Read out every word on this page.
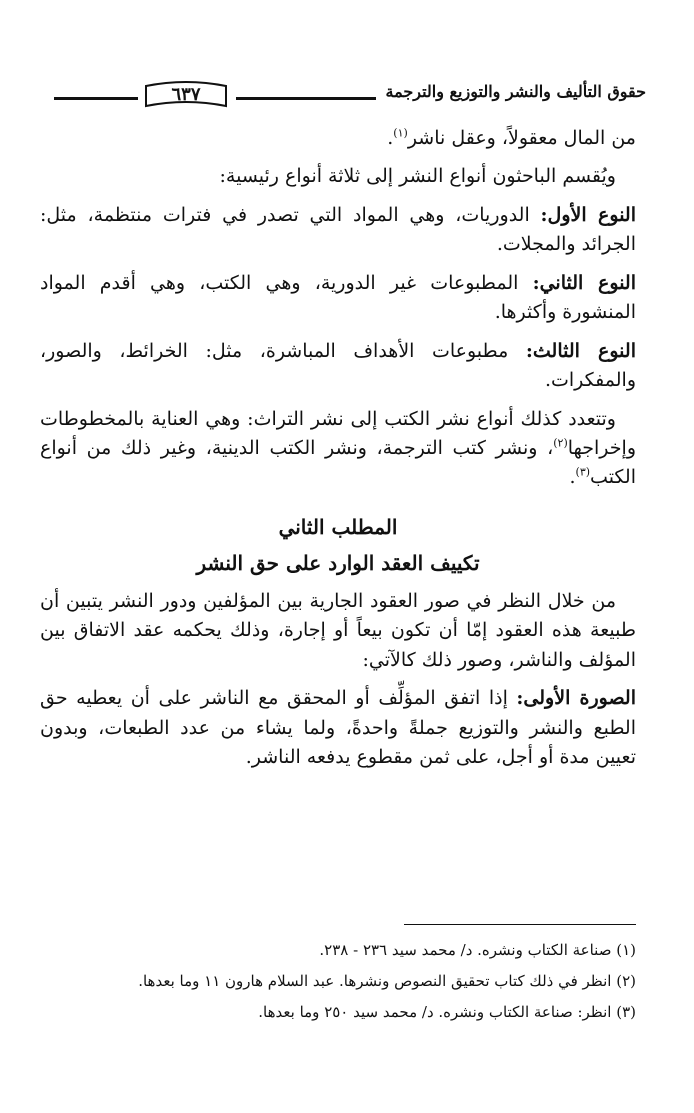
٦٣٧	حقوق التأليف والنشر والتوزيع والترجمة

من المال معقولاً، وعقل ناشر$^{(١)}$.

ويُقسم الباحثون أنواع النشر إلى ثلاثة أنواع رئيسية:

النوع الأول: الدوريات، وهي المواد التي تصدر في فترات منتظمة، مثل: الجرائد والمجلات.

النوع الثاني: المطبوعات غير الدورية، وهي الكتب، وهي أقدم المواد المنشورة وأكثرها.

النوع الثالث: مطبوعات الأهداف المباشرة، مثل: الخرائط، والصور، والمفكرات.

وتتعدد كذلك أنواع نشر الكتب إلى نشر التراث: وهي العناية بالمخطوطات وإخراجها$^{(٢)}$، ونشر كتب الترجمة، ونشر الكتب الدينية، وغير ذلك من أنواع الكتب$^{(٣)}$.

المطلب الثاني

تكييف العقد الوارد على حق النشر

من خلال النظر في صور العقود الجارية بين المؤلفين ودور النشر يتبين أن طبيعة هذه العقود إمّا أن تكون بيعاً أو إجارة، وذلك يحكمه عقد الاتفاق بين المؤلف والناشر، وصور ذلك كالآتي:

الصورة الأولى: إذا اتفق المؤلِّف أو المحقق مع الناشر على أن يعطيه حق الطبع والنشر والتوزيع جملةً واحدةً، ولما يشاء من عدد الطبعات، وبدون تعيين مدة أو أجل، على ثمن مقطوع يدفعه الناشر.

(١) صناعة الكتاب ونشره. د/ محمد سيد ٢٣٦ - ٢٣٨.

(٢) انظر في ذلك كتاب تحقيق النصوص ونشرها. عبد السلام هارون ١١ وما بعدها.

(٣) انظر: صناعة الكتاب ونشره. د/ محمد سيد ٢٥٠ وما بعدها.
